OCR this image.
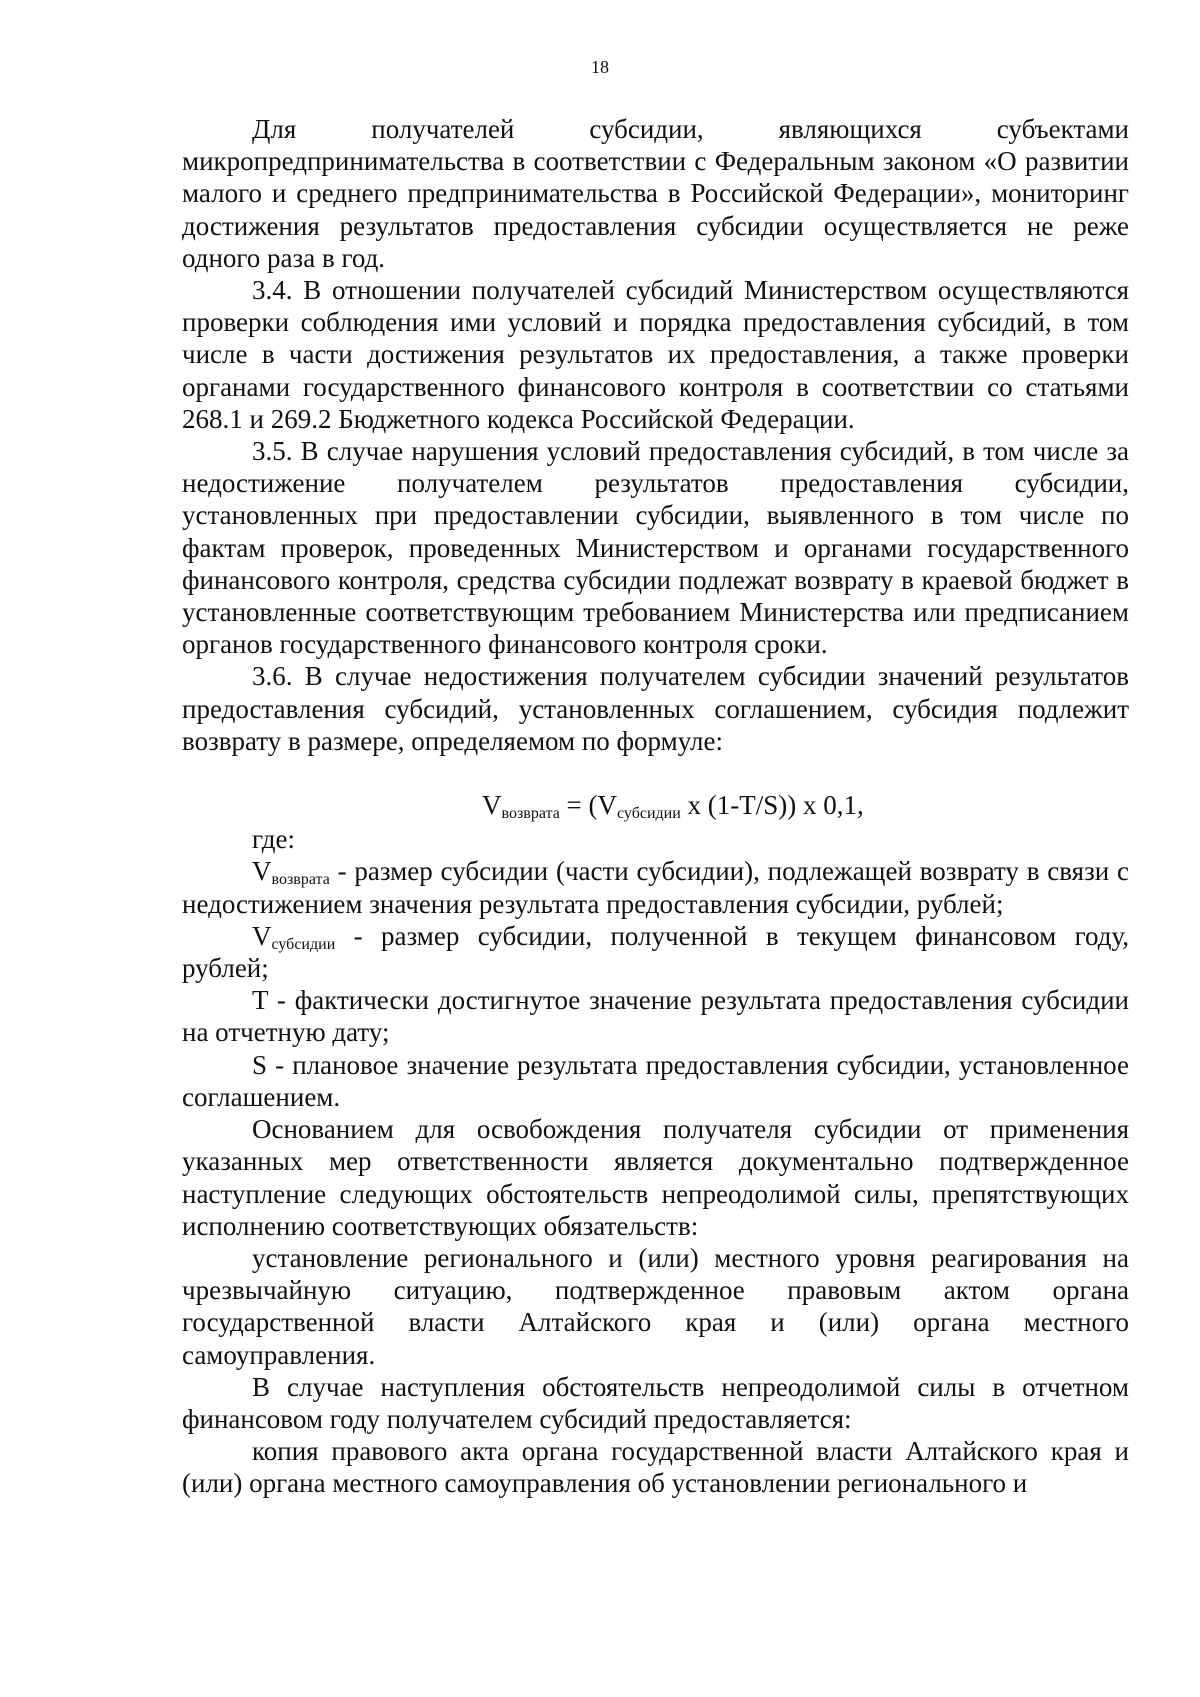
18

Для получателей субсидии, являющихся субъектами микропредпринимательства в соответствии с Федеральным законом «О развитии малого и среднего предпринимательства в Российской Федерации», мониторинг достижения результатов предоставления субсидии осуществляется не реже одного раза в год.

3.4. В отношении получателей субсидий Министерством осуществляются проверки соблюдения ими условий и порядка предоставления субсидий, в том числе в части достижения результатов их предоставления, а также проверки органами государственного финансового контроля в соответствии со статьями 268.1 и 269.2 Бюджетного кодекса Российской Федерации.

3.5. В случае нарушения условий предоставления субсидий, в том числе за недостижение получателем результатов предоставления субсидии, установленных при предоставлении субсидии, выявленного в том числе по фактам проверок, проведенных Министерством и органами государственного финансового контроля, средства субсидии подлежат возврату в краевой бюджет в установленные соответствующим требованием Министерства или предписанием органов государственного финансового контроля сроки.

3.6. В случае недостижения получателем субсидии значений результатов предоставления субсидий, установленных соглашением, субсидия подлежит возврату в размере, определяемом по формуле:

$V_{возврата} = (V_{субсидии}$ x (1-T/S)) x 0,1,
где:

$V_{возврата}$ - размер субсидии (части субсидии), подлежащей возврату в связи с недостижением значения результата предоставления субсидии, рублей;

$V_{субсидии}$ - размер субсидии, полученной в текущем финансовом году, рублей;

T - фактически достигнутое значение результата предоставления субсидии на отчетную дату;

S - плановое значение результата предоставления субсидии, установленное соглашением.

Основанием для освобождения получателя субсидии от применения указанных мер ответственности является документально подтвержденное наступление следующих обстоятельств непреодолимой силы, препятствующих исполнению соответствующих обязательств:

установление регионального и (или) местного уровня реагирования на чрезвычайную ситуацию, подтвержденное правовым актом органа государственной власти Алтайского края и (или) органа местного самоуправления.

В случае наступления обстоятельств непреодолимой силы в отчетном финансовом году получателем субсидий предоставляется:

копия правового акта органа государственной власти Алтайского края и (или) органа местного самоуправления об установлении регионального и
